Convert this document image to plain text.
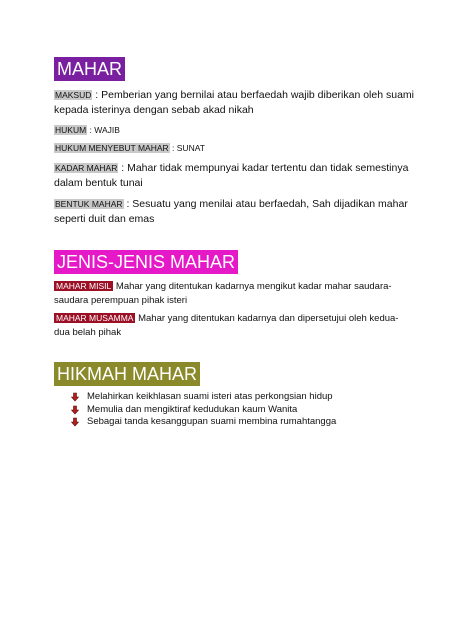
MAHAR
MAKSUD : Pemberian yang bernilai atau berfaedah wajib diberikan oleh suami kepada isterinya dengan sebab akad nikah
HUKUM : WAJIB
HUKUM MENYEBUT MAHAR : SUNAT
KADAR MAHAR : Mahar tidak mempunyai kadar tertentu dan tidak semestinya dalam bentuk tunai
BENTUK MAHAR : Sesuatu yang menilai atau berfaedah, Sah dijadikan mahar seperti duit dan emas
JENIS-JENIS MAHAR
MAHAR MISIL Mahar yang ditentukan kadarnya mengikut kadar mahar saudara-saudara perempuan pihak isteri
MAHAR MUSAMMA Mahar yang ditentukan kadarnya dan dipersetujui oleh kedua-dua belah pihak
HIKMAH MAHAR
Melahirkan keikhlasan suami isteri atas perkongsian hidup
Memulia dan mengiktiraf kedudukan kaum Wanita
Sebagai tanda kesanggupan suami membina rumahtangga
